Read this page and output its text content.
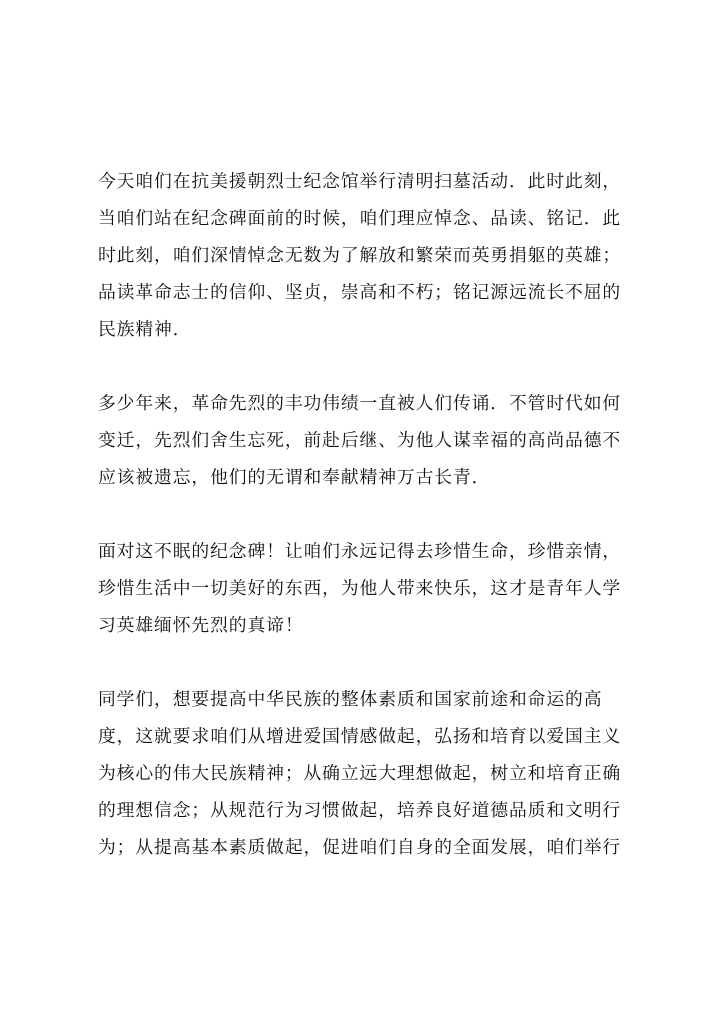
今天咱们在抗美援朝烈士纪念馆举行清明扫墓活动．此时此刻，
当咱们站在纪念碑面前的时候，咱们理应悼念、品读、铭记．此
时此刻，咱们深情悼念无数为了解放和繁荣而英勇捐躯的英雄；
品读革命志士的信仰、坚贞，崇高和不朽；铭记源远流长不屈的
民族精神．

多少年来，革命先烈的丰功伟绩一直被人们传诵．不管时代如何
变迁，先烈们舍生忘死，前赴后继、为他人谋幸福的高尚品德不
应该被遗忘，他们的无谓和奉献精神万古长青．

面对这不眠的纪念碑！让咱们永远记得去珍惜生命，珍惜亲情，
珍惜生活中一切美好的东西，为他人带来快乐，这才是青年人学
习英雄缅怀先烈的真谛！

同学们，想要提高中华民族的整体素质和国家前途和命运的高
度，这就要求咱们从增进爱国情感做起，弘扬和培育以爱国主义
为核心的伟大民族精神；从确立远大理想做起，树立和培育正确
的理想信念；从规范行为习惯做起，培养良好道德品质和文明行
为；从提高基本素质做起，促进咱们自身的全面发展，咱们举行
